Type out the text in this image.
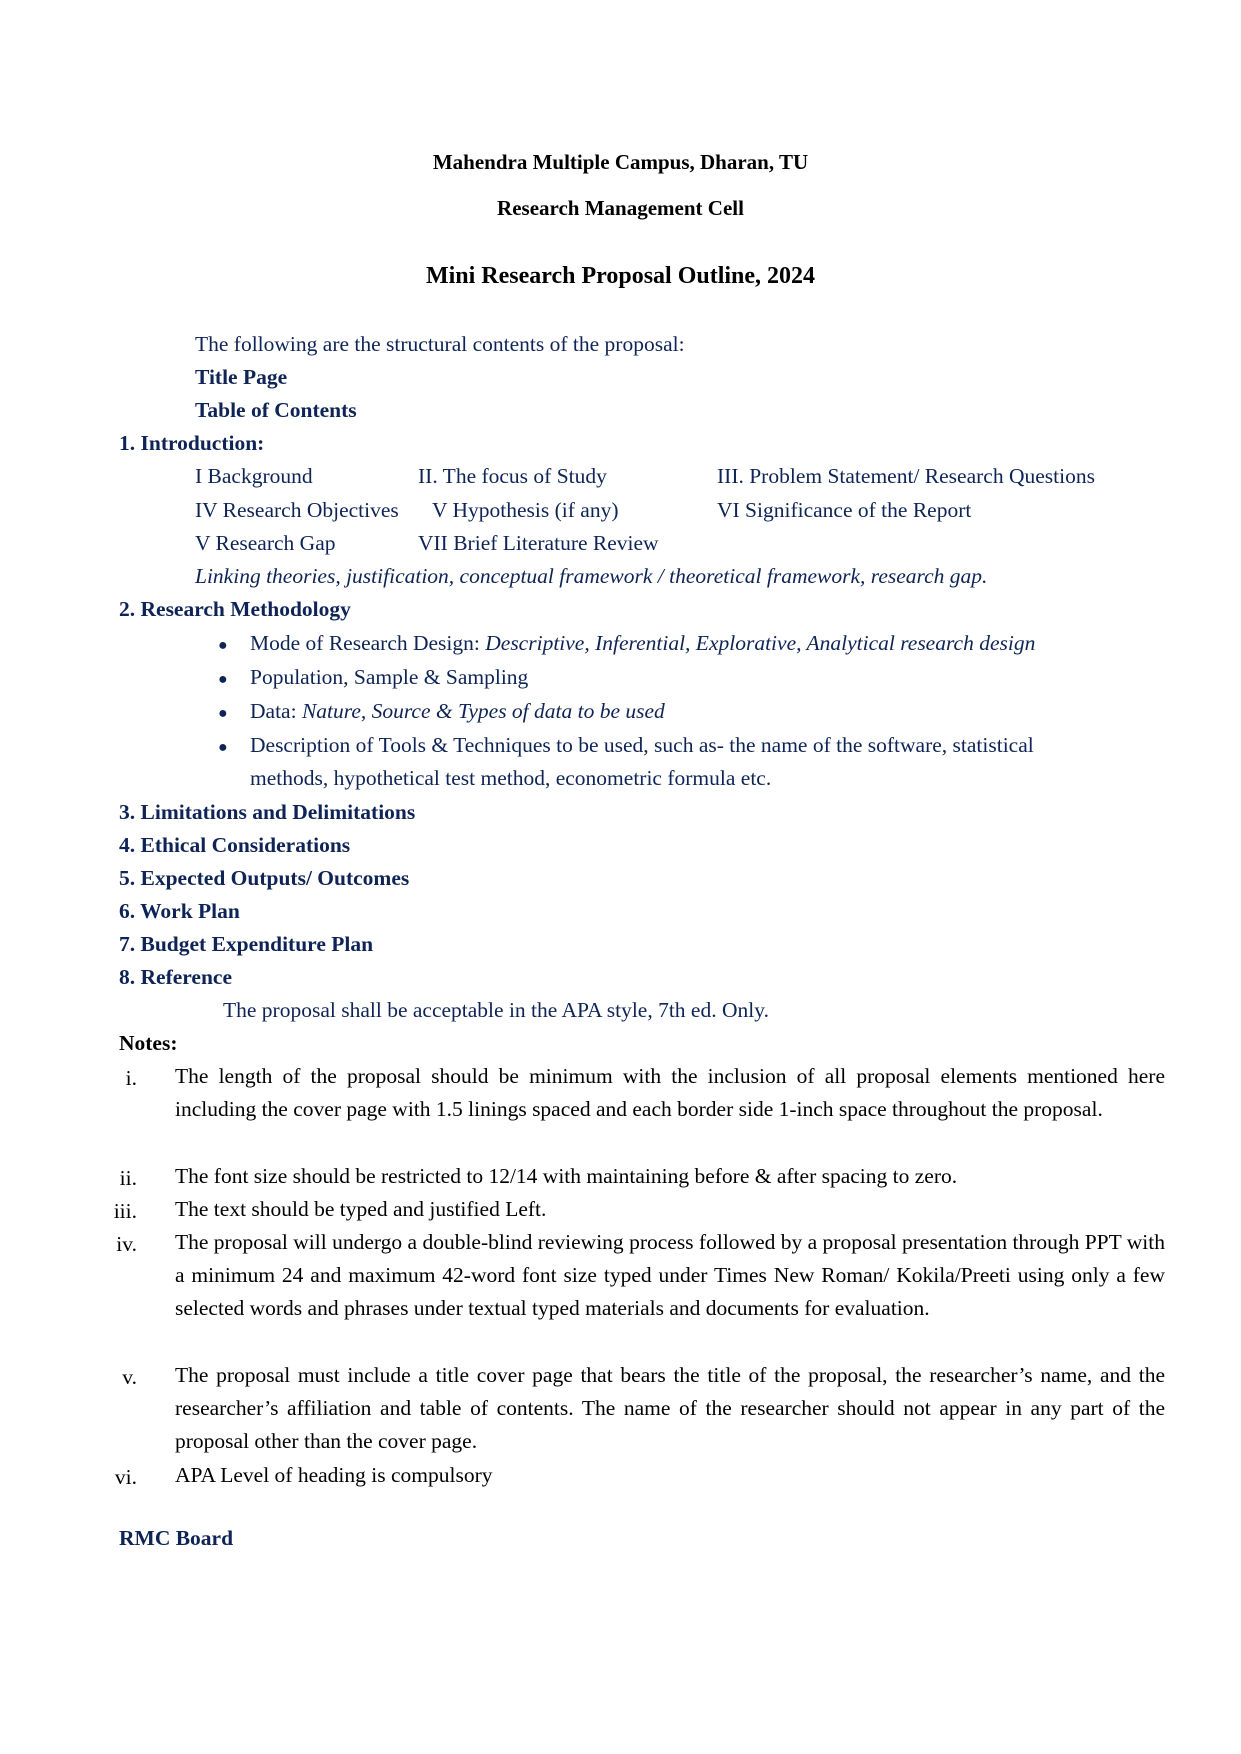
Mahendra Multiple Campus, Dharan, TU
Research Management Cell
Mini Research Proposal Outline, 2024
The following are the structural contents of the proposal:
Title Page
Table of Contents
1. Introduction:
I Background	II. The focus of Study	III. Problem Statement/ Research Questions
IV Research Objectives V Hypothesis (if any)	VI Significance of the Report
V Research Gap	VII Brief Literature Review
Linking theories, justification, conceptual framework / theoretical framework, research gap.
2. Research Methodology
● Mode of Research Design: Descriptive, Inferential, Explorative, Analytical research design
● Population, Sample & Sampling
● Data: Nature, Source & Types of data to be used
● Description of Tools & Techniques to be used, such as- the name of the software, statistical
methods, hypothetical test method, econometric formula etc.
3. Limitations and Delimitations
4. Ethical Considerations
5. Expected Outputs/ Outcomes
6. Work Plan
7. Budget Expenditure Plan
8. Reference
The proposal shall be acceptable in the APA style, 7th ed. Only.
Notes:
i. The length of the proposal should be minimum with the inclusion of all proposal elements mentioned here including the cover page with 1.5 linings spaced and each border side 1-inch space throughout the proposal.
ii. The font size should be restricted to 12/14 with maintaining before & after spacing to zero.
iii. The text should be typed and justified Left.
iv. The proposal will undergo a double-blind reviewing process followed by a proposal presentation through PPT with a minimum 24 and maximum 42-word font size typed under Times New Roman/ Kokila/Preeti using only a few selected words and phrases under textual typed materials and documents for evaluation.
v. The proposal must include a title cover page that bears the title of the proposal, the researcher’s name, and the researcher’s affiliation and table of contents. The name of the researcher should not appear in any part of the proposal other than the cover page.
vi. APA Level of heading is compulsory
RMC Board
